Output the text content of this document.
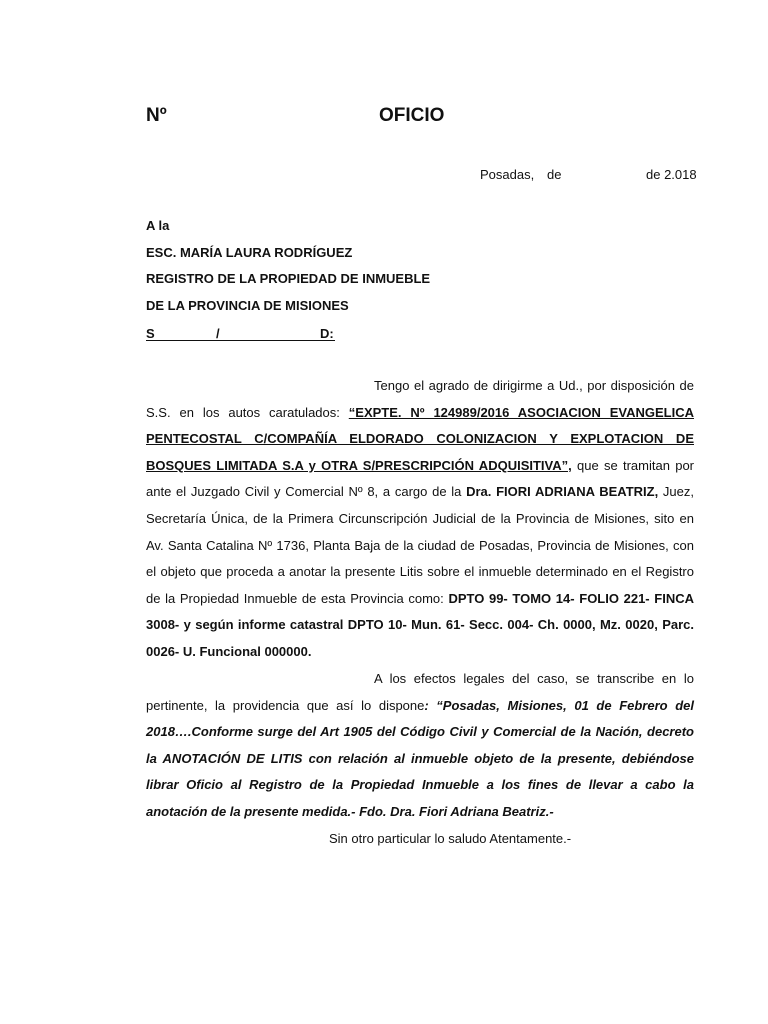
Nº	OFICIO
Posadas, de	de 2.018
A la
ESC. MARÍA LAURA RODRÍGUEZ
REGISTRO DE LA PROPIEDAD DE INMUEBLE
DE LA PROVINCIA DE MISIONES
S	/	D:

Tengo el agrado de dirigirme a Ud., por disposición de S.S. en los autos caratulados: “EXPTE. Nº 124989/2016 ASOCIACION EVANGELICA PENTECOSTAL C/COMPAÑÍA ELDORADO COLONIZACION Y EXPLOTACION DE BOSQUES LIMITADA S.A y OTRA S/PRESCRIPCIÓN ADQUISITIVA”, que se tramitan por ante el Juzgado Civil y Comercial Nº 8, a cargo de la Dra. FIORI ADRIANA BEATRIZ, Juez, Secretaría Única, de la Primera Circunscripción Judicial de la Provincia de Misiones, sito en Av. Santa Catalina Nº 1736, Planta Baja de la ciudad de Posadas, Provincia de Misiones, con el objeto que proceda a anotar la presente Litis sobre el inmueble determinado en el Registro de la Propiedad Inmueble de esta Provincia como: DPTO 99- TOMO 14- FOLIO 221- FINCA 3008- y según informe catastral DPTO 10- Mun. 61- Secc. 004- Ch. 0000, Mz. 0020, Parc. 0026- U. Funcional 000000.

A los efectos legales del caso, se transcribe en lo pertinente, la providencia que así lo dispone: “Posadas, Misiones, 01 de Febrero del 2018….Conforme surge del Art 1905 del Código Civil y Comercial de la Nación, decreto la ANOTACIÓN DE LITIS con relación al inmueble objeto de la presente, debiéndose librar Oficio al Registro de la Propiedad Inmueble a los fines de llevar a cabo la anotación de la presente medida.- Fdo. Dra. Fiori Adriana Beatriz.-

Sin otro particular lo saludo Atentamente.-
